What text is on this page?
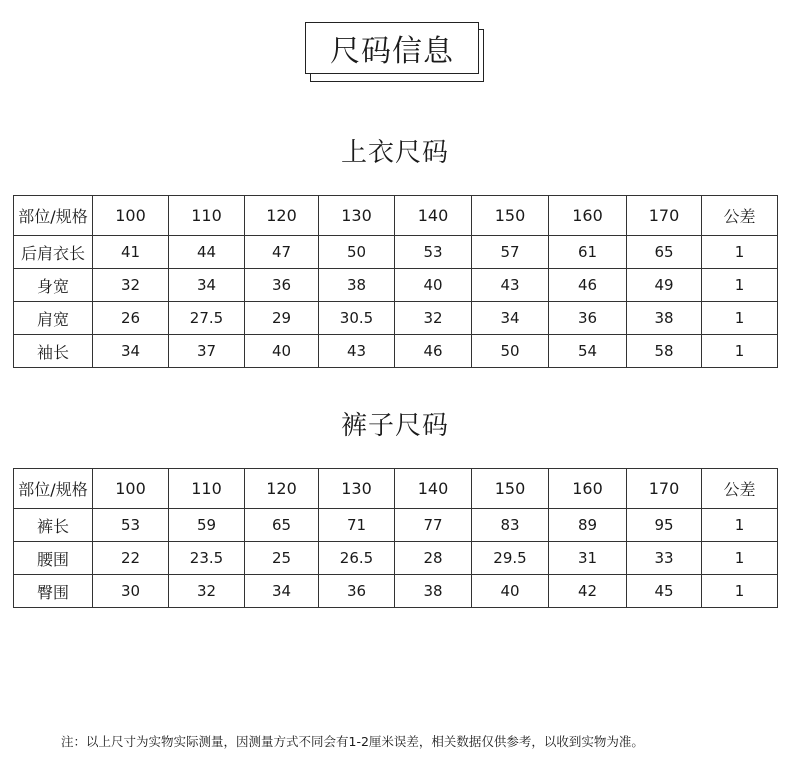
尺码信息
上衣尺码
部位/规格	100	110	120	130	140	150	160	170	公差
后肩衣长	41	44	47	50	53	57	61	65	1
身宽	32	34	36	38	40	43	46	49	1
肩宽	26	27.5	29	30.5	32	34	36	38	1
袖长	34	37	40	43	46	50	54	58	1
裤子尺码
部位/规格	100	110	120	130	140	150	160	170	公差
裤长	53	59	65	71	77	83	89	95	1
腰围	22	23.5	25	26.5	28	29.5	31	33	1
臀围	30	32	34	36	38	40	42	45	1
注：以上尺寸为实物实际测量，因测量方式不同会有1-2厘米误差，相关数据仅供参考，以收到实物为准。
